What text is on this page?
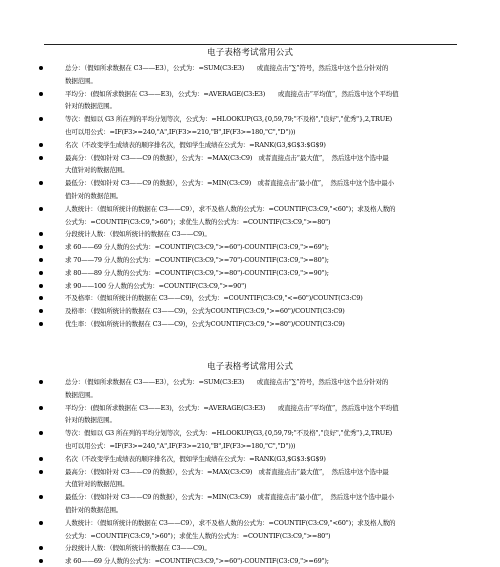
电子表格考试常用公式
总分：（假如所求数据在 C3——E3），公式为：=SUM(C3:E3)　　或直接点击“∑”符号，然后选中这个总分针对的
数据范围。
平均分：(假如所求数据在 C3——E3)，公式为：=AVERAGE(C3:E3)　　或直接点击“平均值”，然后选中这个平均值
针对的数据范围。
等次：假如以 G3 所在列的平均分划等次，公式为：=HLOOKUP(G3,{0,59,79;"不及格","良好","优秀"},2,TRUE)
也可以用公式：=IF(F3>=240,"A",IF(F3>=210,"B",IF(F3>=180,"C","D")))
名次（不改变学生成绩表的顺序排名次，假如学生成绩在公式为：=RANK(G3,$G$3:$G$9)
最高分：（假如针对 C3——C9 的数据），公式为：=MAX(C3:C9)　或者直接点击“最大值”，　然后选中这个选中最
大值针对的数据范围。
最低分：（假如针对 C3——C9 的数据），公式为：=MIN(C3:C9)　或者直接点击“最小值”，　然后选中这个选中最小
值针对的数据范围。
人数统计：（假如所统计的数据在 C3——C9），求不及格人数的公式为：=COUNTIF(C3:C9,"<60")；求及格人数的
公式为：=COUNTIF(C3:C9,">60")；求优生人数的公式为：=COUNTIF(C3:C9,">=80")
分段统计人数：（假如所统计的数据在 C3——C9)。
求 60——69 分人数的公式为：=COUNTIF(C3:C9,">=60")-COUNTIF(C3:C9,">=69");
求 70——79 分人数的公式为：=COUNTIF(C3:C9,">=70")-COUNTIF(C3:C9,">=80");
求 80——89 分人数的公式为：=COUNTIF(C3:C9,">=80")-COUNTIF(C3:C9,">=90");
求 90——100 分人数的公式为：=COUNTIF(C3:C9,">=90")
不及格率：（假如所统计的数据在 C3——C9)，公式为：=COUNTIF(C3:C9,"<=60")/COUNT(C3:C9)
及格率：（假如所统计的数据在 C3——C9)，公式为COUNTIF(C3:C9,">=60")/COUNT(C3:C9)
优生率：（假如所统计的数据在 C3——C9)，公式为COUNTIF(C3:C9,">=80")/COUNT(C3:C9)
电子表格考试常用公式
总分：（假如所求数据在 C3——E3），公式为：=SUM(C3:E3)　　或直接点击“∑”符号，然后选中这个总分针对的
数据范围。
平均分：(假如所求数据在 C3——E3)，公式为：=AVERAGE(C3:E3)　　或直接点击“平均值”，然后选中这个平均值
针对的数据范围。
等次：假如以 G3 所在列的平均分划等次，公式为：=HLOOKUP(G3,{0,59,79;"不及格","良好","优秀"},2,TRUE)
也可以用公式：=IF(F3>=240,"A",IF(F3>=210,"B",IF(F3>=180,"C","D")))
名次（不改变学生成绩表的顺序排名次，假如学生成绩在公式为：=RANK(G3,$G$3:$G$9)
最高分：（假如针对 C3——C9 的数据），公式为：=MAX(C3:C9)　或者直接点击“最大值”，　然后选中这个选中最
大值针对的数据范围。
最低分：（假如针对 C3——C9 的数据），公式为：=MIN(C3:C9)　或者直接点击“最小值”，　然后选中这个选中最小
值针对的数据范围。
人数统计：（假如所统计的数据在 C3——C9），求不及格人数的公式为：=COUNTIF(C3:C9,"<60")；求及格人数的
公式为：=COUNTIF(C3:C9,">60")；求优生人数的公式为：=COUNTIF(C3:C9,">=80")
分段统计人数：（假如所统计的数据在 C3——C9)。
求 60——69 分人数的公式为：=COUNTIF(C3:C9,">=60")-COUNTIF(C3:C9,">=69");
